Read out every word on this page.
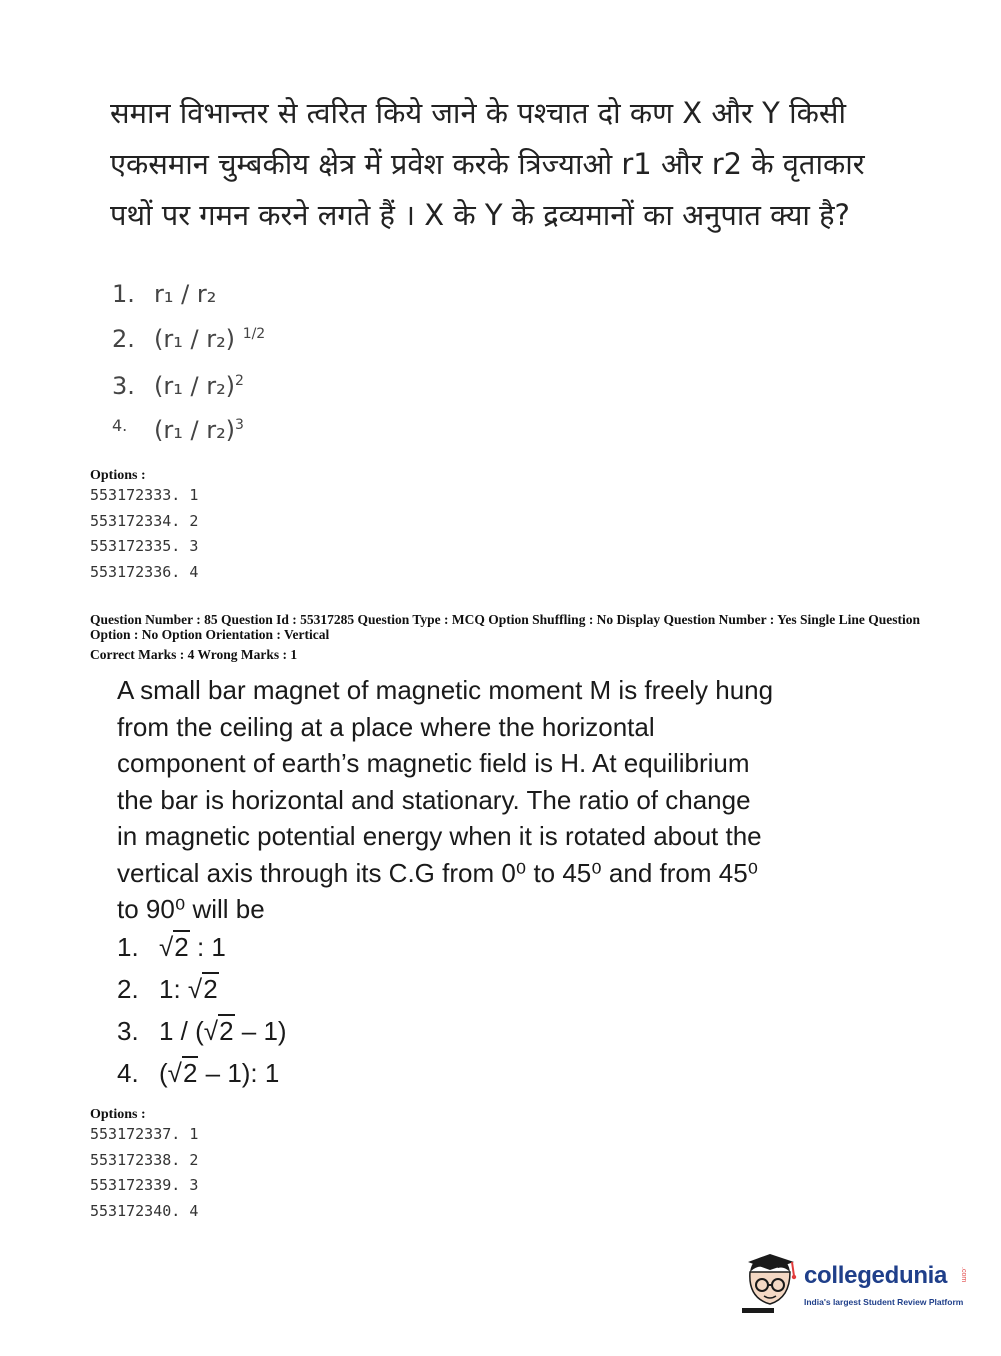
समान विभान्तर से त्वरित किये जाने के पश्चात दो कण X और Y किसी एकसमान चुम्बकीय क्षेत्र में प्रवेश करके त्रिज्याओ r1 और r2 के वृताकार पथों पर गमन करने लगते हैं । X के Y के द्रव्यमानों का अनुपात क्या है?
1. r₁ / r₂
2. (r₁ / r₂) $^{1/2}$
3. (r₁ / r₂)$^2$
4. (r₁ / r₂)$^3$
Options :
553172333. 1
553172334. 2
553172335. 3
553172336. 4
Question Number : 85 Question Id : 55317285 Question Type : MCQ Option Shuffling : No Display Question Number : Yes Single Line Question Option : No Option Orientation : Vertical
Correct Marks : 4 Wrong Marks : 1
A small bar magnet of magnetic moment M is freely hung
from the ceiling at a place where the horizontal
component of earth’s magnetic field is H. At equilibrium
the bar is horizontal and stationary. The ratio of change
in magnetic potential energy when it is rotated about the
vertical axis through its C.G from 0⁰ to 45⁰ and from 45⁰
to 90⁰ will be
1. √2 : 1
2. 1: √2
3. 1 / (√2 – 1)
4. (√2 – 1): 1
Options :
553172337. 1
553172338. 2
553172339. 3
553172340. 4
collegedunia .com
India's largest Student Review Platform
